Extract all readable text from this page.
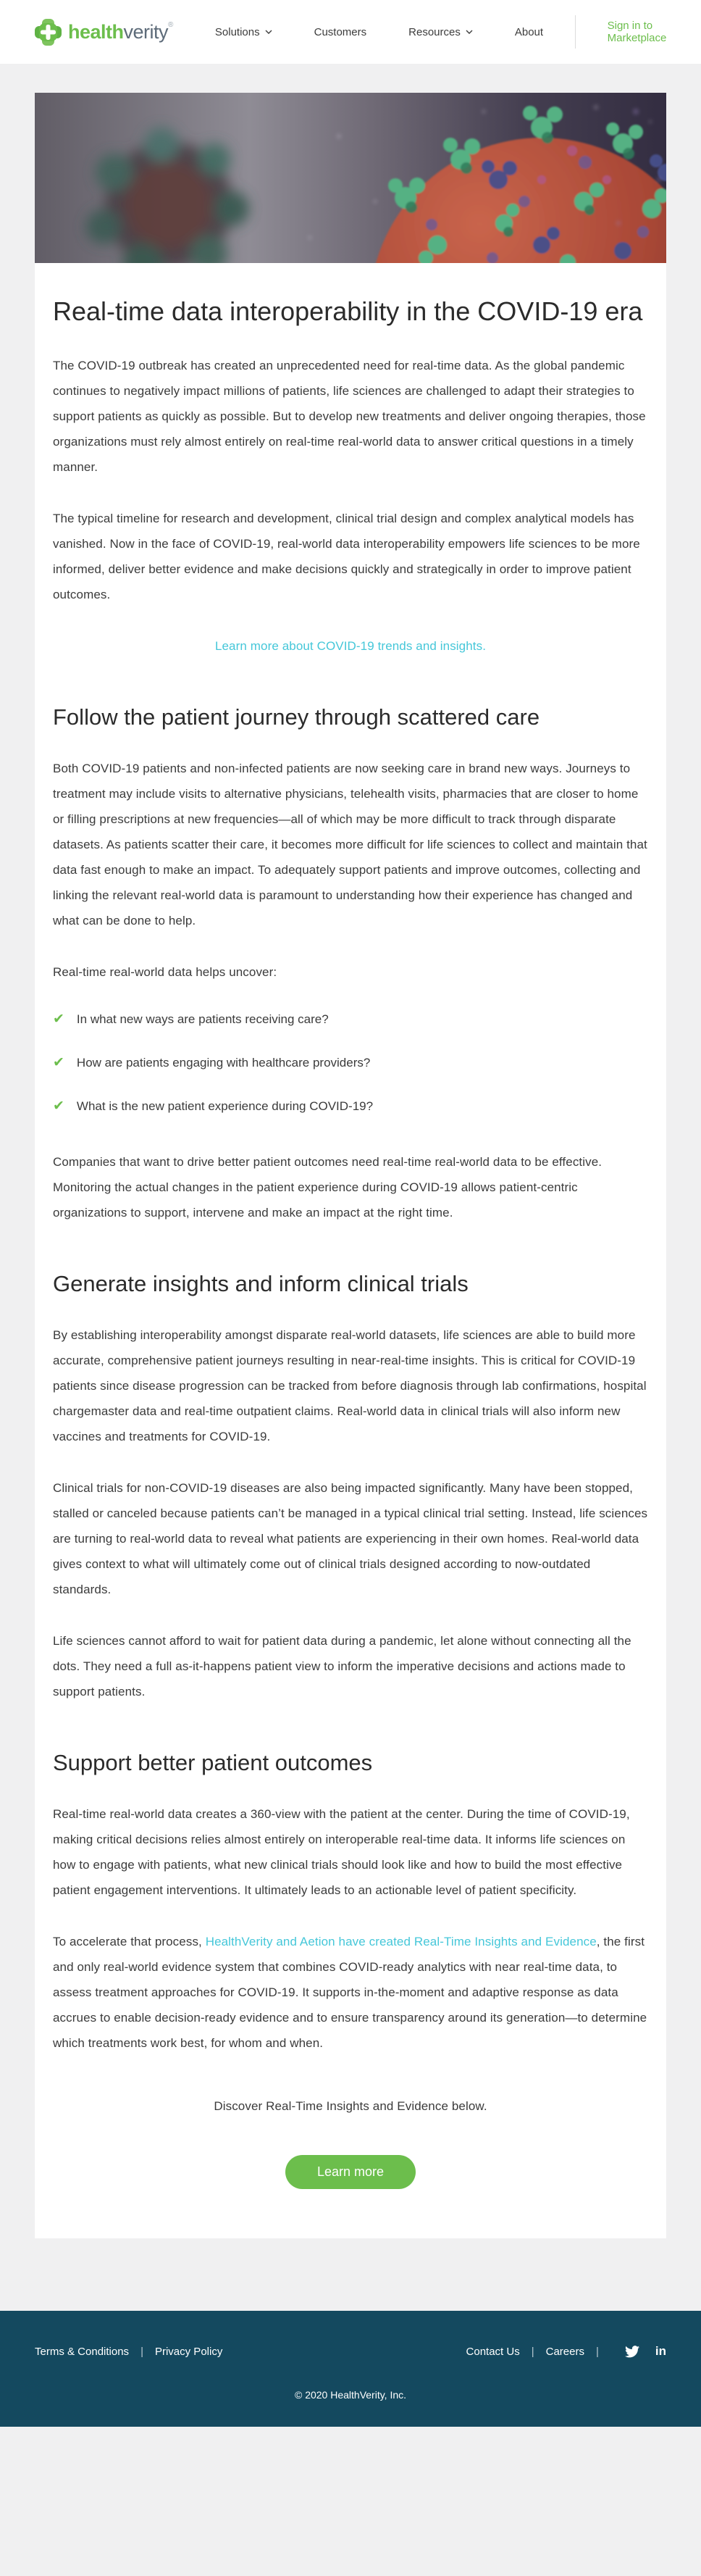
healthverity®
Solutions	Customers	Resources	About	Sign in to Marketplace
Real-time data interoperability in the COVID-19 era

The COVID-19 outbreak has created an unprecedented need for real-time data. As the global pandemic continues to negatively impact millions of patients, life sciences are challenged to adapt their strategies to support patients as quickly as possible. But to develop new treatments and deliver ongoing therapies, those organizations must rely almost entirely on real-time real-world data to answer critical questions in a timely manner.

The typical timeline for research and development, clinical trial design and complex analytical models has vanished. Now in the face of COVID-19, real-world data interoperability empowers life sciences to be more informed, deliver better evidence and make decisions quickly and strategically in order to improve patient outcomes.

Learn more about COVID-19 trends and insights.

Follow the patient journey through scattered care

Both COVID-19 patients and non-infected patients are now seeking care in brand new ways. Journeys to treatment may include visits to alternative physicians, telehealth visits, pharmacies that are closer to home or filling prescriptions at new frequencies—all of which may be more difficult to track through disparate datasets. As patients scatter their care, it becomes more difficult for life sciences to collect and maintain that data fast enough to make an impact. To adequately support patients and improve outcomes, collecting and linking the relevant real-world data is paramount to understanding how their experience has changed and what can be done to help.

Real-time real-world data helps uncover:

✔ In what new ways are patients receiving care?
✔ How are patients engaging with healthcare providers?
✔ What is the new patient experience during COVID-19?

Companies that want to drive better patient outcomes need real-time real-world data to be effective. Monitoring the actual changes in the patient experience during COVID-19 allows patient-centric organizations to support, intervene and make an impact at the right time.

Generate insights and inform clinical trials

By establishing interoperability amongst disparate real-world datasets, life sciences are able to build more accurate, comprehensive patient journeys resulting in near-real-time insights. This is critical for COVID-19 patients since disease progression can be tracked from before diagnosis through lab confirmations, hospital chargemaster data and real-time outpatient claims. Real-world data in clinical trials will also inform new vaccines and treatments for COVID-19.

Clinical trials for non-COVID-19 diseases are also being impacted significantly. Many have been stopped, stalled or canceled because patients can’t be managed in a typical clinical trial setting. Instead, life sciences are turning to real-world data to reveal what patients are experiencing in their own homes. Real-world data gives context to what will ultimately come out of clinical trials designed according to now-outdated standards.

Life sciences cannot afford to wait for patient data during a pandemic, let alone without connecting all the dots. They need a full as-it-happens patient view to inform the imperative decisions and actions made to support patients.

Support better patient outcomes

Real-time real-world data creates a 360-view with the patient at the center. During the time of COVID-19, making critical decisions relies almost entirely on interoperable real-time data. It informs life sciences on how to engage with patients, what new clinical trials should look like and how to build the most effective patient engagement interventions. It ultimately leads to an actionable level of patient specificity.

To accelerate that process, HealthVerity and Aetion have created Real-Time Insights and Evidence, the first and only real-world evidence system that combines COVID-ready analytics with near real-time data, to assess treatment approaches for COVID-19. It supports in-the-moment and adaptive response as data accrues to enable decision-ready evidence and to ensure transparency around its generation—to determine which treatments work best, for whom and when.

Discover Real-Time Insights and Evidence below.

Learn more
Terms & Conditions | Privacy Policy	Contact Us | Careers |	in
© 2020 HealthVerity, Inc.
